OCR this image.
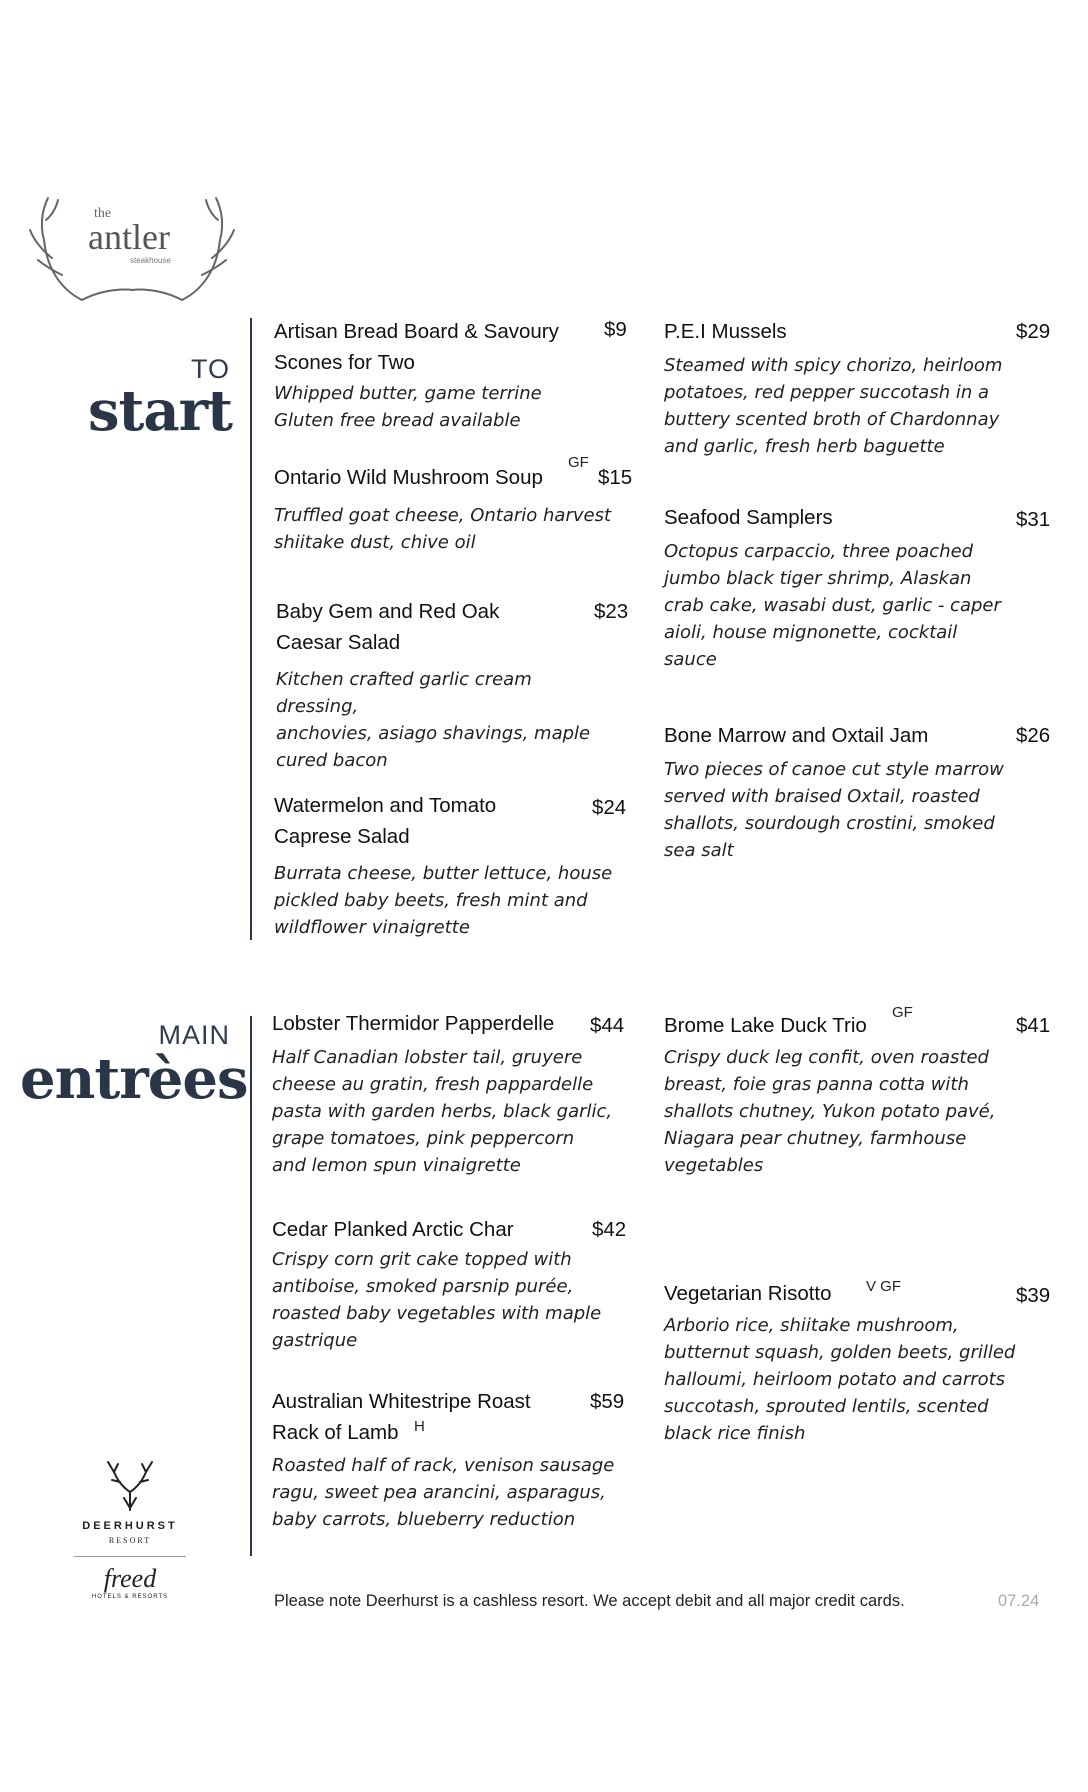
the
antler
steakhouse
TO
start
MAIN
entrèes
Artisan Bread Board & Savoury Scones for Two
$9
Whipped butter, game terrine
Gluten free bread available
Ontario Wild Mushroom Soup
GF
$15
Truffled goat cheese, Ontario harvest
shiitake dust, chive oil
Baby Gem and Red Oak Caesar Salad
$23
Kitchen crafted garlic cream dressing,
anchovies, asiago shavings, maple
cured bacon
Watermelon and Tomato Caprese Salad
$24
Burrata cheese, butter lettuce, house
pickled baby beets, fresh mint and
wildflower vinaigrette
P.E.I Mussels	$29
Steamed with spicy chorizo, heirloom
potatoes, red pepper succotash in a
buttery scented broth of Chardonnay
and garlic, fresh herb baguette
Seafood Samplers	$31
Octopus carpaccio, three poached
jumbo black tiger shrimp, Alaskan
crab cake, wasabi dust, garlic - caper
aioli, house mignonette, cocktail
sauce
Bone Marrow and Oxtail Jam	$26
Two pieces of canoe cut style marrow
served with braised Oxtail, roasted
shallots, sourdough crostini, smoked
sea salt
Lobster Thermidor Papperdelle $44
Half Canadian lobster tail, gruyere
cheese au gratin, fresh pappardelle
pasta with garden herbs, black garlic,
grape tomatoes, pink peppercorn
and lemon spun vinaigrette
Cedar Planked Arctic Char	$42
Crispy corn grit cake topped with
antiboise, smoked parsnip purée,
roasted baby vegetables with maple
gastrique
Australian Whitestripe Roast Rack of Lamb	H
$59
Roasted half of rack, venison sausage
ragu, sweet pea arancini, asparagus,
baby carrots, blueberry reduction
Brome Lake Duck Trio
GF
$41
Crispy duck leg confit, oven roasted
breast, foie gras panna cotta with
shallots chutney, Yukon potato pavé,
Niagara pear chutney, farmhouse
vegetables
Vegetarian Risotto V GF	$39
Arborio rice, shiitake mushroom,
butternut squash, golden beets, grilled
halloumi, heirloom potato and carrots
succotash, sprouted lentils, scented
black rice finish
DEERHURST
RESORT
freed
HOTELS & RESORTS	Please note Deerhurst is a cashless resort. We accept debit and all major credit cards.	07.24
